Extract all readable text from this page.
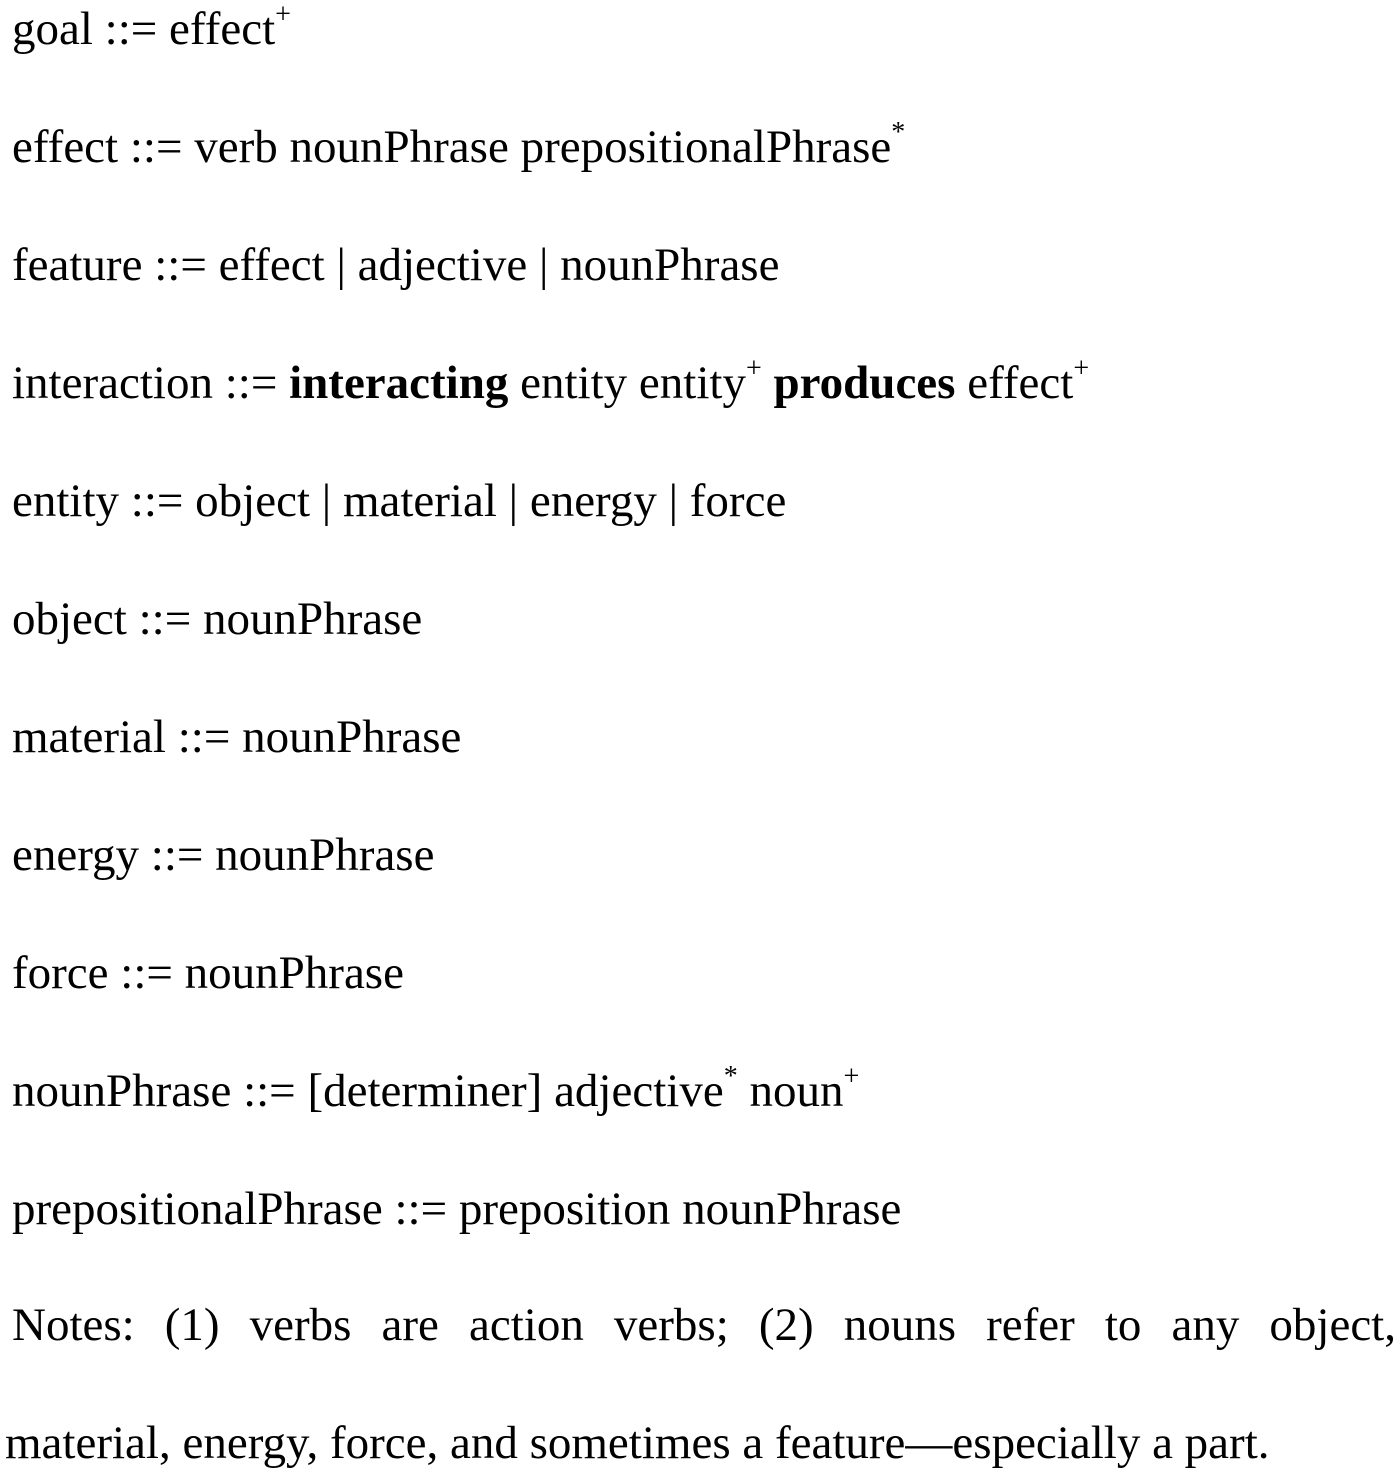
goal ::= effect+
effect ::= verb nounPhrase prepositionalPhrase*
feature ::= effect | adjective | nounPhrase
interaction ::= interacting entity entity+ produces effect+
entity ::= object | material | energy | force
object ::= nounPhrase
material ::= nounPhrase
energy ::= nounPhrase
force ::= nounPhrase
nounPhrase ::= [determiner] adjective* noun+
prepositionalPhrase ::= preposition nounPhrase
Notes: (1) verbs are action verbs; (2) nouns refer to any object,
material, energy, force, and sometimes a feature—especially a part.
